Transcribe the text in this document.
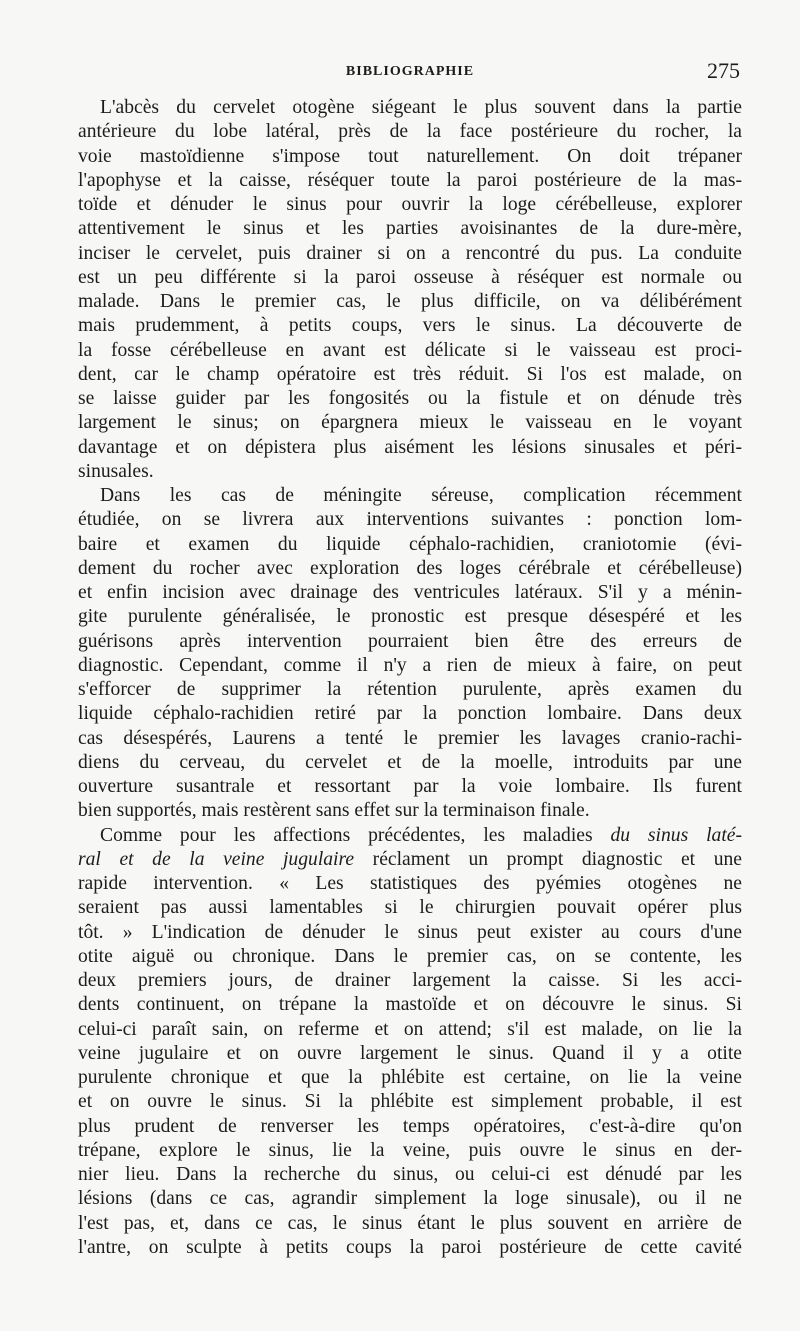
BIBLIOGRAPHIE	275
L'abcès du cervelet otogène siégeant le plus souvent dans la partie
antérieure du lobe latéral, près de la face postérieure du rocher, la
voie mastoïdienne s'impose tout naturellement. On doit trépaner
l'apophyse et la caisse, réséquer toute la paroi postérieure de la mas-
toïde et dénuder le sinus pour ouvrir la loge cérébelleuse, explorer
attentivement le sinus et les parties avoisinantes de la dure-mère,
inciser le cervelet, puis drainer si on a rencontré du pus. La conduite
est un peu différente si la paroi osseuse à réséquer est normale ou
malade. Dans le premier cas, le plus difficile, on va délibérément
mais prudemment, à petits coups, vers le sinus. La découverte de
la fosse cérébelleuse en avant est délicate si le vaisseau est proci-
dent, car le champ opératoire est très réduit. Si l'os est malade, on
se laisse guider par les fongosités ou la fistule et on dénude très
largement le sinus; on épargnera mieux le vaisseau en le voyant
davantage et on dépistera plus aisément les lésions sinusales et péri-
sinusales.
Dans les cas de méningite séreuse, complication récemment
étudiée, on se livrera aux interventions suivantes : ponction lom-
baire et examen du liquide céphalo-rachidien, craniotomie (évi-
dement du rocher avec exploration des loges cérébrale et cérébelleuse)
et enfin incision avec drainage des ventricules latéraux. S'il y a ménin-
gite purulente généralisée, le pronostic est presque désespéré et les
guérisons après intervention pourraient bien être des erreurs de
diagnostic. Cependant, comme il n'y a rien de mieux à faire, on peut
s'efforcer de supprimer la rétention purulente, après examen du
liquide céphalo-rachidien retiré par la ponction lombaire. Dans deux
cas désespérés, Laurens a tenté le premier les lavages cranio-rachi-
diens du cerveau, du cervelet et de la moelle, introduits par une
ouverture susantrale et ressortant par la voie lombaire. Ils furent
bien supportés, mais restèrent sans effet sur la terminaison finale.
Comme pour les affections précédentes, les maladies du sinus laté-
ral et de la veine jugulaire réclament un prompt diagnostic et une
rapide intervention. « Les statistiques des pyémies otogènes ne
seraient pas aussi lamentables si le chirurgien pouvait opérer plus
tôt. » L'indication de dénuder le sinus peut exister au cours d'une
otite aiguë ou chronique. Dans le premier cas, on se contente, les
deux premiers jours, de drainer largement la caisse. Si les acci-
dents continuent, on trépane la mastoïde et on découvre le sinus. Si
celui-ci paraît sain, on referme et on attend; s'il est malade, on lie la
veine jugulaire et on ouvre largement le sinus. Quand il y a otite
purulente chronique et que la phlébite est certaine, on lie la veine
et on ouvre le sinus. Si la phlébite est simplement probable, il est
plus prudent de renverser les temps opératoires, c'est-à-dire qu'on
trépane, explore le sinus, lie la veine, puis ouvre le sinus en der-
nier lieu. Dans la recherche du sinus, ou celui-ci est dénudé par les
lésions (dans ce cas, agrandir simplement la loge sinusale), ou il ne
l'est pas, et, dans ce cas, le sinus étant le plus souvent en arrière de
l'antre, on sculpte à petits coups la paroi postérieure de cette cavité
